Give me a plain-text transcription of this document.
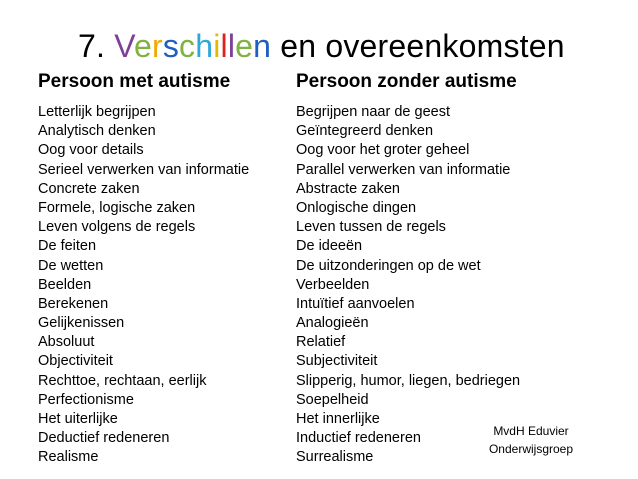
7. Verschillen en overeenkomsten
Persoon met autisme	Persoon zonder autisme
Letterlijk begrijpen
Analytisch denken
Oog voor details
Serieel verwerken van informatie
Concrete zaken
Formele, logische zaken
Leven volgens de regels
De feiten
De wetten
Beelden
Berekenen
Gelijkenissen
Absoluut
Objectiviteit
Rechttoe, rechtaan, eerlijk
Perfectionisme
Het uiterlijke
Deductief redeneren
Realisme
Begrijpen naar de geest
Geïntegreerd denken
Oog voor het groter geheel
Parallel verwerken van informatie
Abstracte zaken
Onlogische dingen
Leven tussen de regels
De ideeën
De uitzonderingen op de wet
Verbeelden
Intuïtief aanvoelen
Analogieën
Relatief
Subjectiviteit
Slipperig, humor, liegen, bedriegen
Soepelheid
Het innerlijke
Inductief redeneren
Surrealisme
MvdH Eduvier
Onderwijsgroep
